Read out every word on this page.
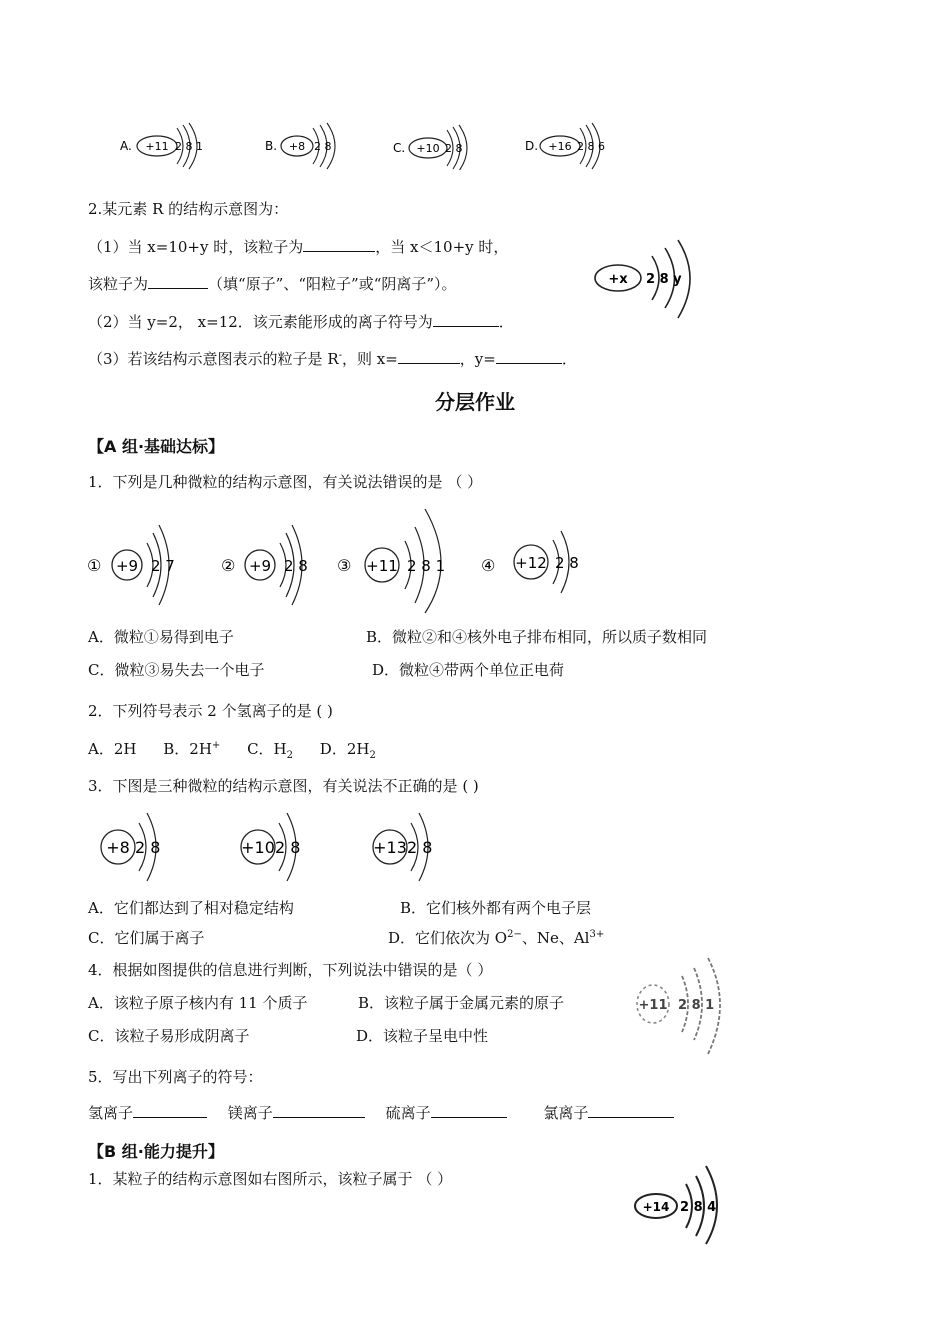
A. +11 2 8 1	B. +8 2 8	C. +10 2 8	D. +16 2 8 6
2.某元素 R 的结构示意图为：
（1）当 x=10+y 时，该粒子为	，当 x＜10+y 时，
该粒子为	（填“原子”、“阳粒子”或“阴离子”）。	+x 2 8 y
（2）当 y=2， x=12．该元素能形成的离子符号为	．
（3）若该结构示意图表示的粒子是 R-，则 x=	，y=	．
分层作业
【A 组·基础达标】
1．下列是几种微粒的结构示意图，有关说法错误的是 （ ）
① +9 2 7	② +9 2 8 ③ +11 2 8 1 ④ +12 2 8
A．微粒①易得到电子	B．微粒②和④核外电子排布相同，所以质子数相同
C．微粒③易失去一个电子	D．微粒④带两个单位正电荷
2．下列符号表示 2 个氢离子的是 ( )
A．2H B．2H+ C．$H_2$ D．$2H_2$
3．下图是三种微粒的结构示意图，有关说法不正确的是 ( )
+8 2 8	+10 2 8	+13 2 8
A．它们都达到了相对稳定结构	B．它们核外都有两个电子层
C．它们属于离子	D．它们依次为 $O^{2-}$、Ne、$Al^{3+}$
4．根据如图提供的信息进行判断，下列说法中错误的是（ ）
A．该粒子原子核内有 11 个质子	B．该粒子属于金属元素的原子
C．该粒子易形成阴离子	D．该粒子呈电中性
+11 2 8 1
5．写出下列离子的符号：
氢离子	镁离子	硫离子	氯离子
【B 组·能力提升】
1．某粒子的结构示意图如右图所示，该粒子属于 （ ）
+14 2 8 4
